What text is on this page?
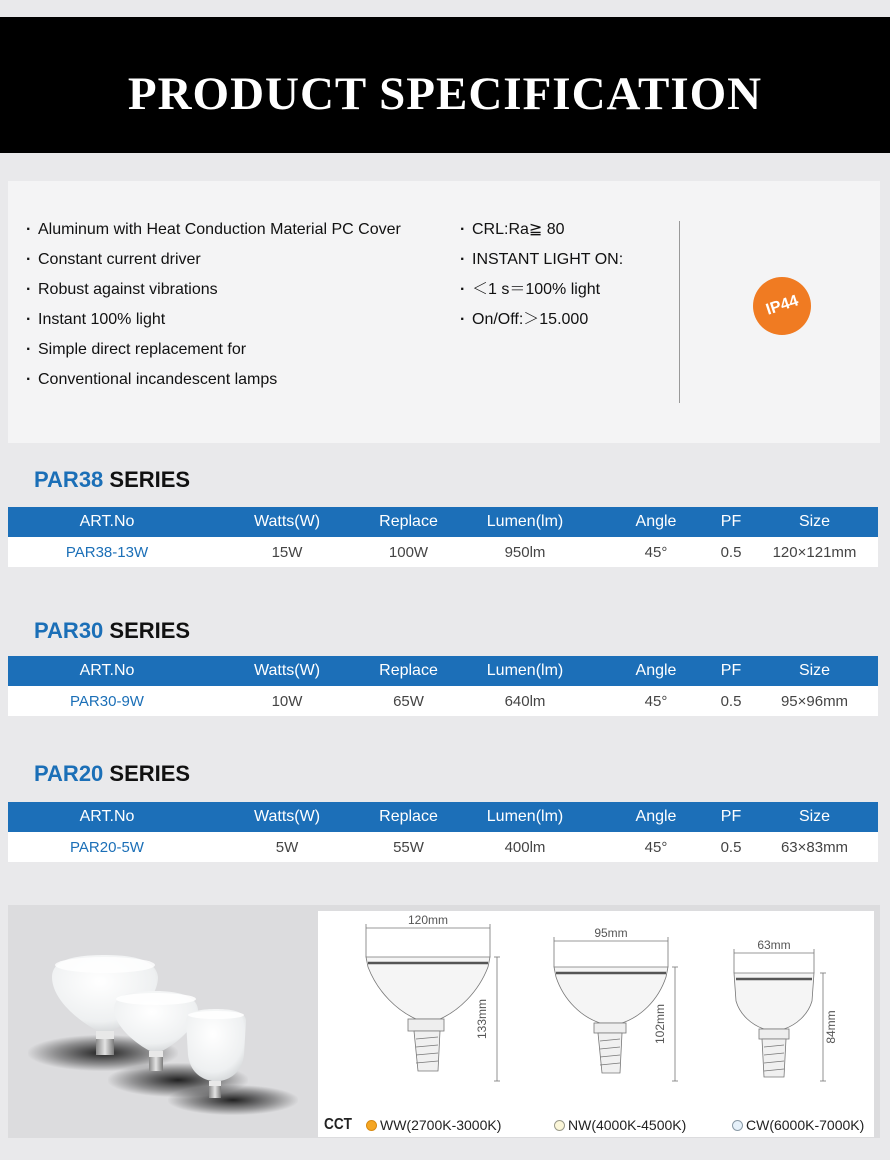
PRODUCT SPECIFICATION
· Aluminum with Heat Conduction Material PC Cover
· Constant current driver
· Robust against vibrations
· Instant 100% light
· Simple direct replacement for
· Conventional incandescent lamps
· CRL:Ra≧ 80
· INSTANT LIGHT ON:
· ＜1 s＝100% light
· On/Off:＞15.000
IP44
PAR38 SERIES
ART.No	Watts(W)	Replace	Lumen(lm)	Angle	PF	Size
PAR38-13W	15W	100W	950lm	45°	0.5	120×121mm
PAR30 SERIES
ART.No	Watts(W)	Replace	Lumen(lm)	Angle	PF	Size
PAR30-9W	10W	65W	640lm	45°	0.5	95×96mm
PAR20 SERIES
ART.No	Watts(W)	Replace	Lumen(lm)	Angle	PF	Size
PAR20-5W	5W	55W	400lm	45°	0.5	63×83mm
120mm
133mm
95mm
102mm
63mm
84mm
CCT	WW(2700K-3000K)	NW(4000K-4500K)	CW(6000K-7000K)
